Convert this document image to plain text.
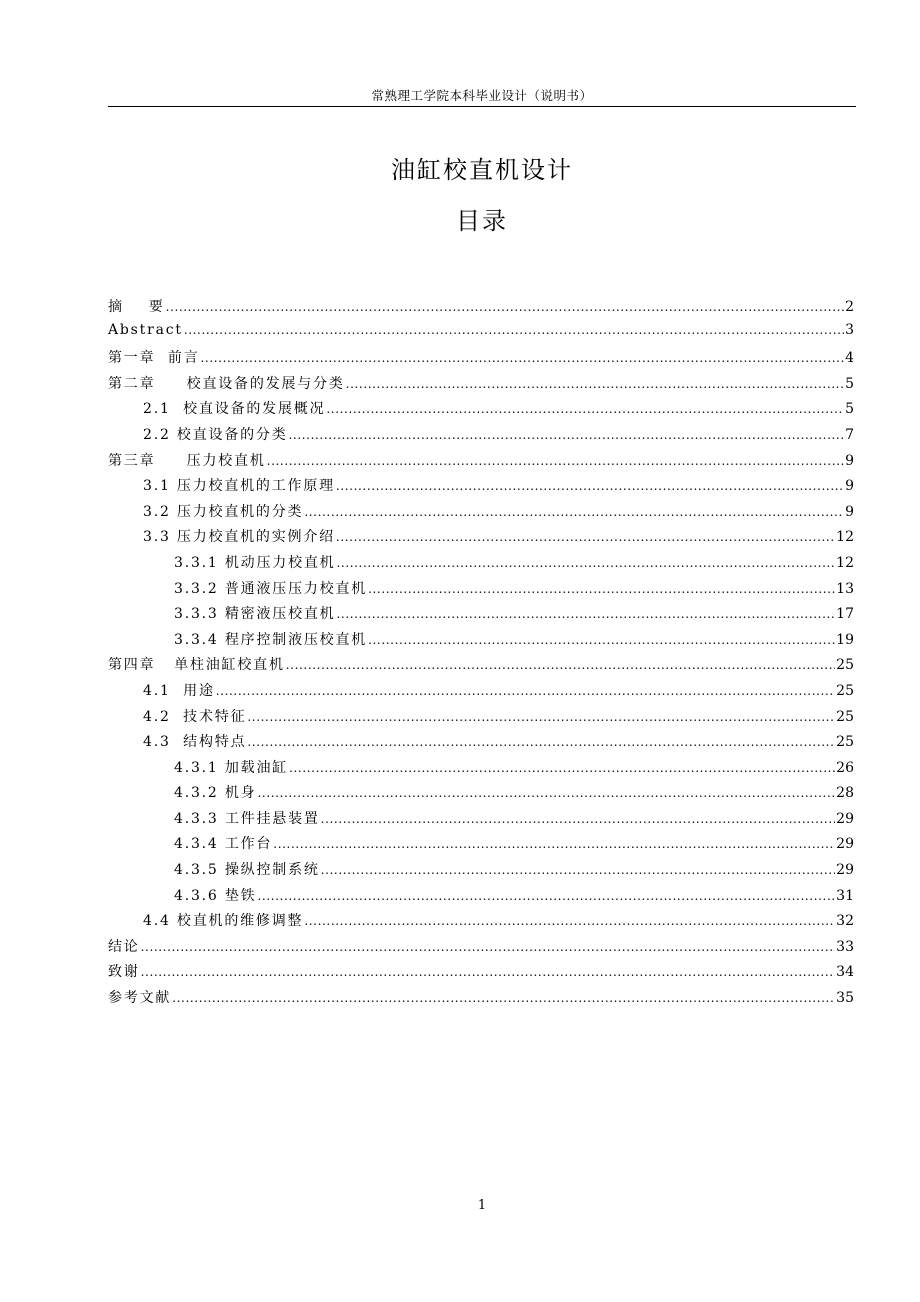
常熟理工学院本科毕业设计（说明书）
油缸校直机设计
目录
摘    要 .....	2
Abstract .....	3
第一章  前言 .....	4
第二章     校直设备的发展与分类 .....	5
2.1  校直设备的发展概况 .....	5
2.2 校直设备的分类 .....	7
第三章     压力校直机 .....	9
3.1 压力校直机的工作原理 .....	9
3.2 压力校直机的分类 .....	9
3.3 压力校直机的实例介绍 .....	12
3.3.1 机动压力校直机 .....	12
3.3.2 普通液压压力校直机 .....	13
3.3.3 精密液压校直机 .....	17
3.3.4 程序控制液压校直机 .....	19
第四章   单柱油缸校直机 .....	25
4.1  用途 .....	25
4.2  技术特征 .....	25
4.3  结构特点 .....	25
4.3.1 加载油缸 .....	26
4.3.2 机身 .....	28
4.3.3 工件挂悬装置 .....	29
4.3.4 工作台 .....	29
4.3.5 操纵控制系统 .....	29
4.3.6 垫铁 .....	31
4.4 校直机的维修调整 .....	32
结论 .....	33
致谢 .....	34
参考文献 .....	35
1
